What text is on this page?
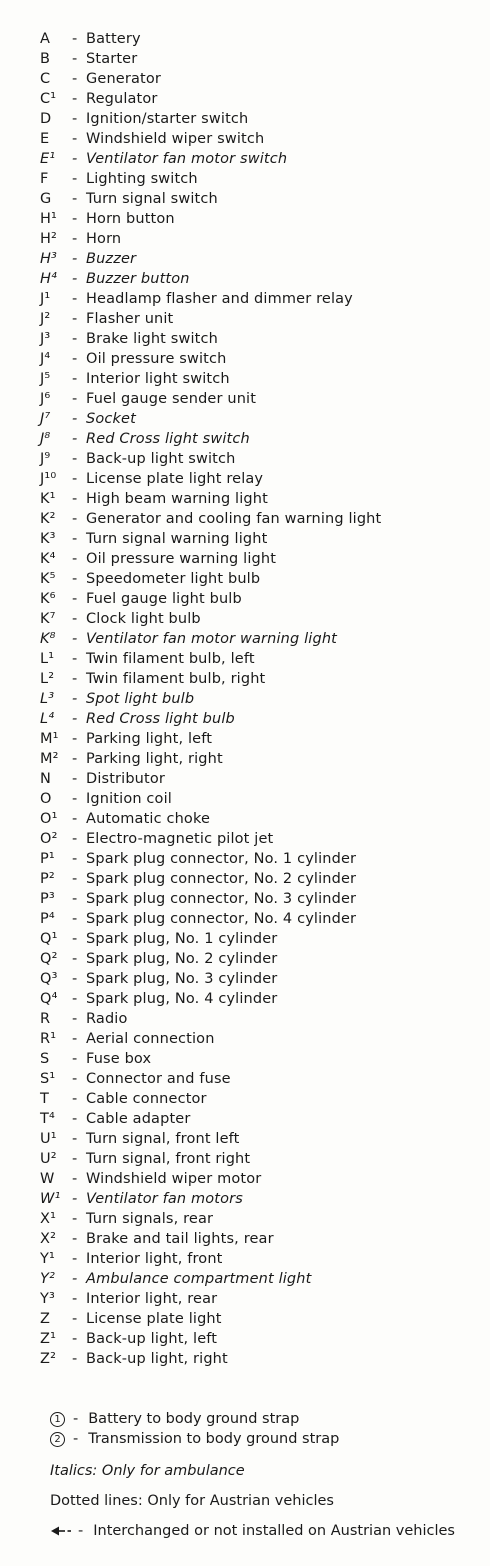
A	- Battery
B	- Starter
C	- Generator
C¹	- Regulator
D	- Ignition/starter switch
E	- Windshield wiper switch
E¹	- Ventilator fan motor switch
F	- Lighting switch
G	- Turn signal switch
H¹	- Horn button
H²	- Horn
H³	- Buzzer
H⁴	- Buzzer button
J¹	- Headlamp flasher and dimmer relay
J²	- Flasher unit
J³	- Brake light switch
J⁴	- Oil pressure switch
J⁵	- Interior light switch
J⁶	- Fuel gauge sender unit
J⁷	- Socket
J⁸	- Red Cross light switch
J⁹	- Back-up light switch
J¹⁰	- License plate light relay
K¹	- High beam warning light
K²	- Generator and cooling fan warning light
K³	- Turn signal warning light
K⁴	- Oil pressure warning light
K⁵	- Speedometer light bulb
K⁶	- Fuel gauge light bulb
K⁷	- Clock light bulb
K⁸	- Ventilator fan motor warning light
L¹	- Twin filament bulb, left
L²	- Twin filament bulb, right
L³	- Spot light bulb
L⁴	- Red Cross light bulb
M¹ - Parking light, left
M² - Parking light, right
N	- Distributor
O	- Ignition coil
O¹ - Automatic choke
O² - Electro-magnetic pilot jet
P¹	- Spark plug connector, No. 1 cylinder
P²	- Spark plug connector, No. 2 cylinder
P³	- Spark plug connector, No. 3 cylinder
P⁴	- Spark plug connector, No. 4 cylinder
Q¹ - Spark plug, No. 1 cylinder
Q² - Spark plug, No. 2 cylinder
Q³ - Spark plug, No. 3 cylinder
Q⁴ - Spark plug, No. 4 cylinder
R	- Radio
R¹	- Aerial connection
S	- Fuse box
S¹	- Connector and fuse
T	- Cable connector
T⁴	- Cable adapter
U¹	- Turn signal, front left
U²	- Turn signal, front right
W	- Windshield wiper motor
W¹ - Ventilator fan motors
X¹	- Turn signals, rear
X²	- Brake and tail lights, rear
Y¹	- Interior light, front
Y²	- Ambulance compartment light
Y³	- Interior light, rear
Z	- License plate light
Z¹	- Back-up light, left
Z²	- Back-up light, right
1 - Battery to body ground strap
2 - Transmission to body ground strap
Italics: Only for ambulance
Dotted lines: Only for Austrian vehicles
- Interchanged or not installed on Austrian vehicles
